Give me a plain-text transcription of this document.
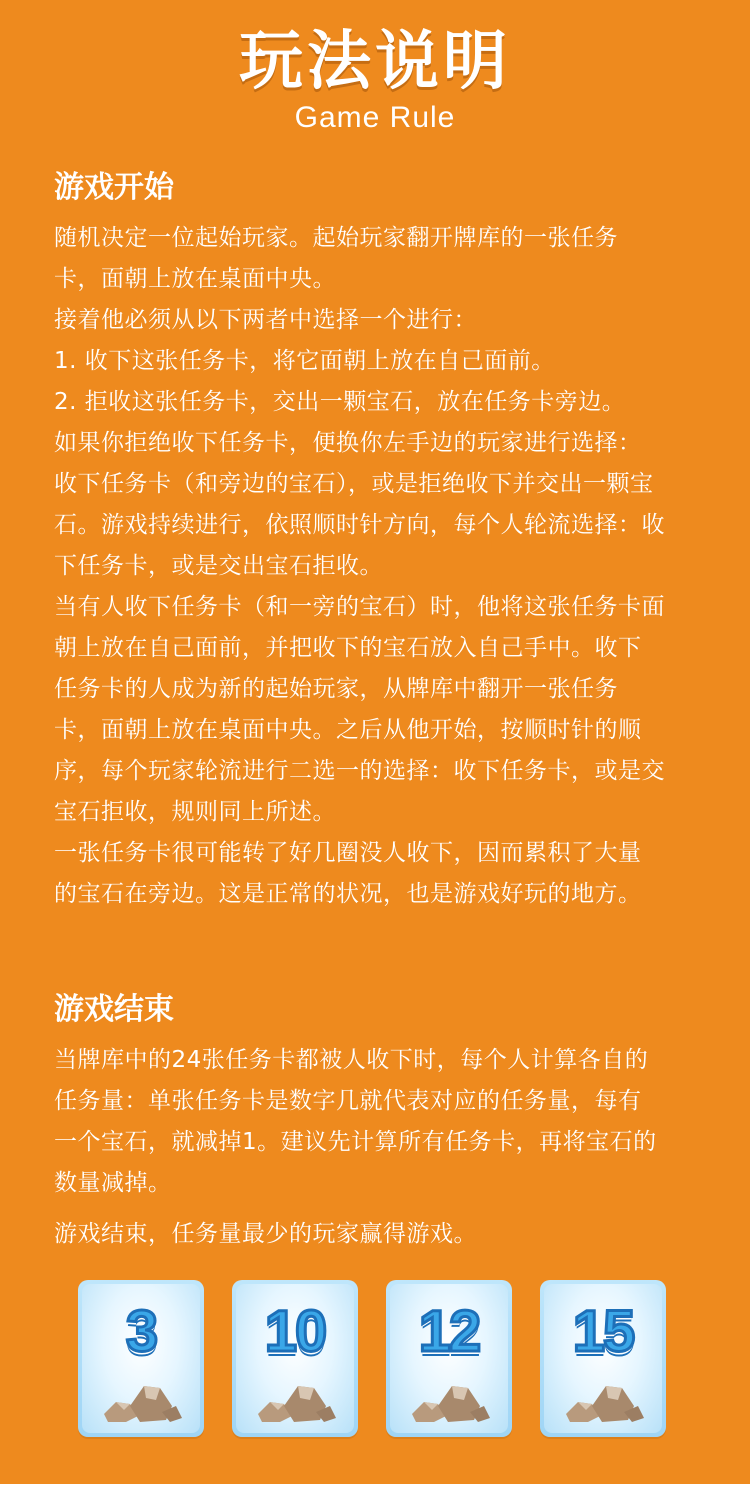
玩法说明
Game Rule
游戏开始

随机决定一位起始玩家。起始玩家翻开牌库的一张任务

卡，面朝上放在桌面中央。

接着他必须从以下两者中选择一个进行：

1. 收下这张任务卡，将它面朝上放在自己面前。

2. 拒收这张任务卡，交出一颗宝石，放在任务卡旁边。

如果你拒绝收下任务卡，便换你左手边的玩家进行选择：

收下任务卡（和旁边的宝石），或是拒绝收下并交出一颗宝

石。游戏持续进行，依照顺时针方向，每个人轮流选择：收

下任务卡，或是交出宝石拒收。

当有人收下任务卡（和一旁的宝石）时，他将这张任务卡面

朝上放在自己面前，并把收下的宝石放入自己手中。收下

任务卡的人成为新的起始玩家，从牌库中翻开一张任务

卡，面朝上放在桌面中央。之后从他开始，按顺时针的顺

序，每个玩家轮流进行二选一的选择：收下任务卡，或是交

宝石拒收，规则同上所述。

一张任务卡很可能转了好几圈没人收下，因而累积了大量

的宝石在旁边。这是正常的状况，也是游戏好玩的地方。

游戏结束

当牌库中的24张任务卡都被人收下时，每个人计算各自的

任务量：单张任务卡是数字几就代表对应的任务量，每有

一个宝石，就减掉1。建议先计算所有任务卡，再将宝石的

数量减掉。

游戏结束，任务量最少的玩家赢得游戏。

3	10	12	15
